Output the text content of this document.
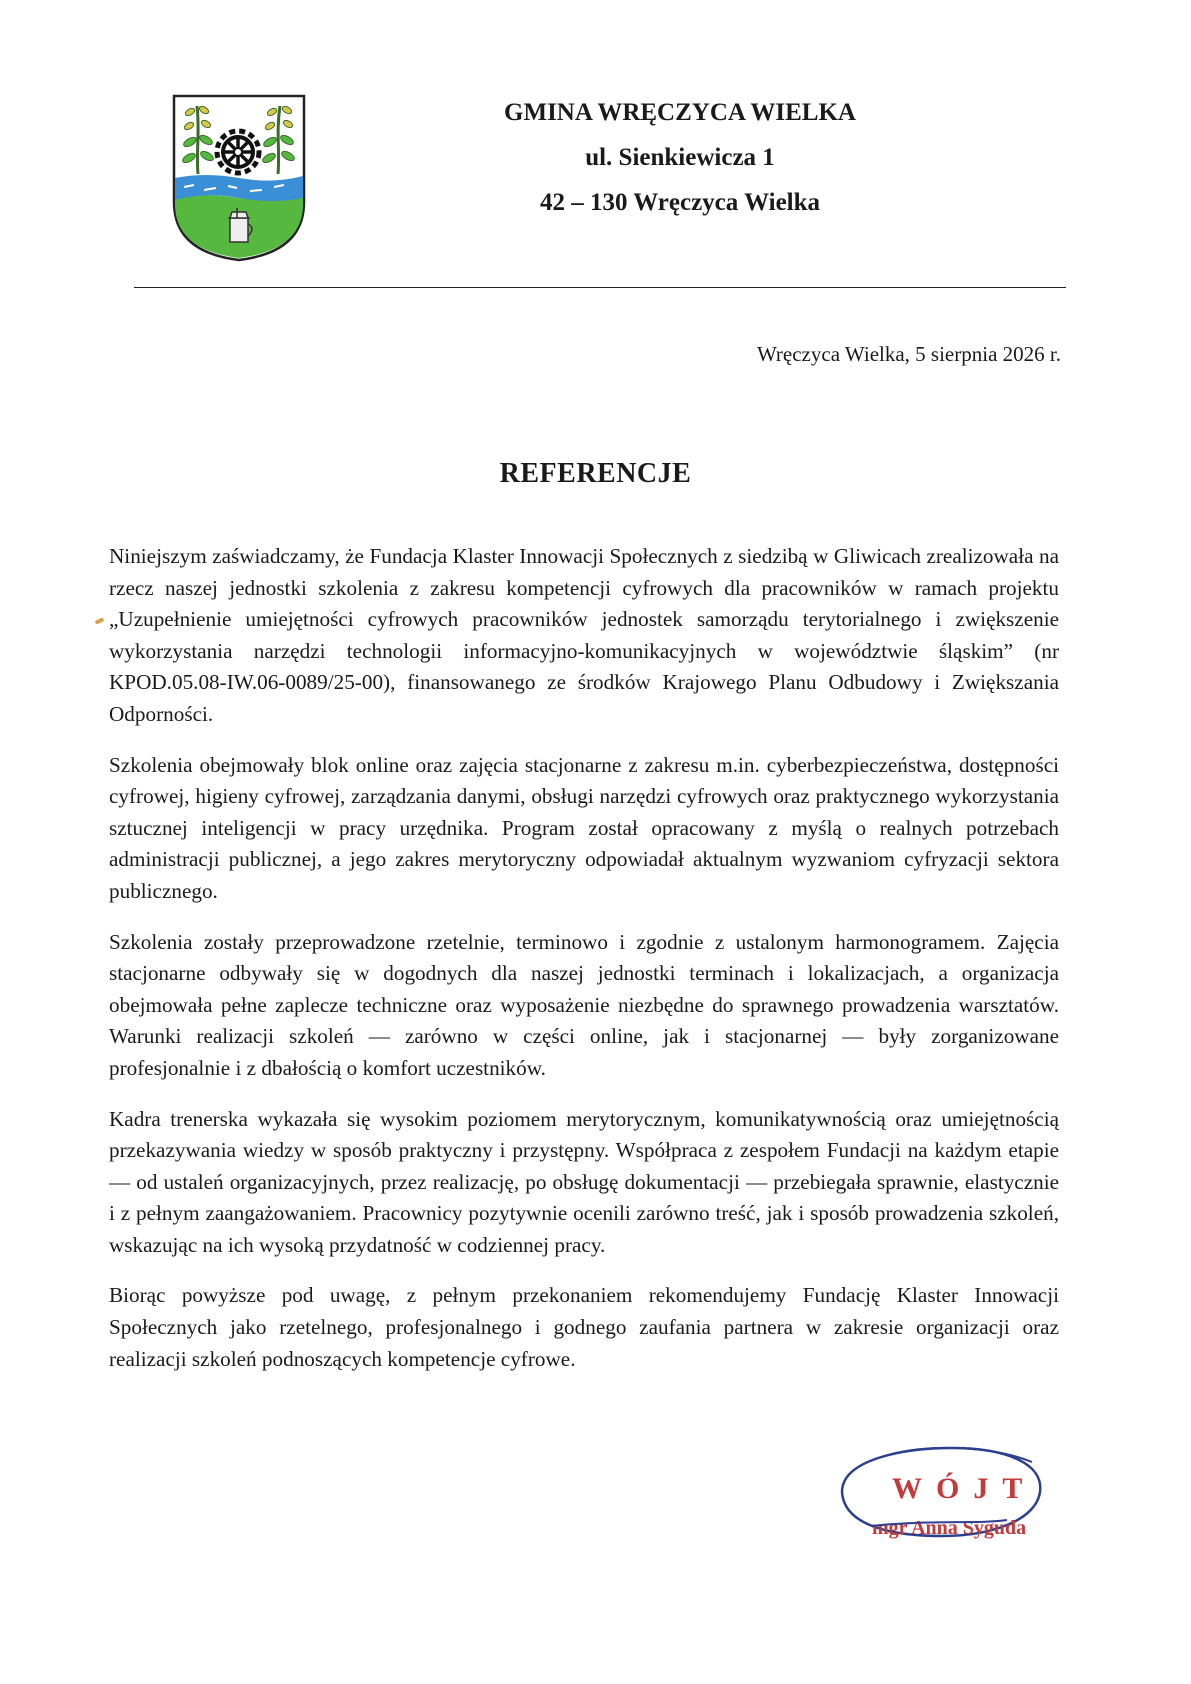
GMINA WRĘCZYCA WIELKA
ul. Sienkiewicza 1
42 – 130 Wręczyca Wielka
Wręczyca Wielka, 5 sierpnia 2026 r.
REFERENCJE

Niniejszym zaświadczamy, że Fundacja Klaster Innowacji Społecznych z siedzibą w Gliwicach zrealizowała na rzecz naszej jednostki szkolenia z zakresu kompetencji cyfrowych dla pracowników w ramach projektu „Uzupełnienie umiejętności cyfrowych pracowników jednostek samorządu terytorialnego i zwiększenie wykorzystania narzędzi technologii informacyjno-komunikacyjnych w województwie śląskim” (nr KPOD.05.08-IW.06-0089/25-00), finansowanego ze środków Krajowego Planu Odbudowy i Zwiększania Odporności.

Szkolenia obejmowały blok online oraz zajęcia stacjonarne z zakresu m.in. cyberbezpieczeństwa, dostępności cyfrowej, higieny cyfrowej, zarządzania danymi, obsługi narzędzi cyfrowych oraz praktycznego wykorzystania sztucznej inteligencji w pracy urzędnika. Program został opracowany z myślą o realnych potrzebach administracji publicznej, a jego zakres merytoryczny odpowiadał aktualnym wyzwaniom cyfryzacji sektora publicznego.

Szkolenia zostały przeprowadzone rzetelnie, terminowo i zgodnie z ustalonym harmonogramem. Zajęcia stacjonarne odbywały się w dogodnych dla naszej jednostki terminach i lokalizacjach, a organizacja obejmowała pełne zaplecze techniczne oraz wyposażenie niezbędne do sprawnego prowadzenia warsztatów. Warunki realizacji szkoleń — zarówno w części online, jak i stacjonarnej — były zorganizowane profesjonalnie i z dbałością o komfort uczestników.

Kadra trenerska wykazała się wysokim poziomem merytorycznym, komunikatywnością oraz umiejętnością przekazywania wiedzy w sposób praktyczny i przystępny. Współpraca z zespołem Fundacji na każdym etapie — od ustaleń organizacyjnych, przez realizację, po obsługę dokumentacji — przebiegała sprawnie, elastycznie i z pełnym zaangażowaniem. Pracownicy pozytywnie ocenili zarówno treść, jak i sposób prowadzenia szkoleń, wskazując na ich wysoką przydatność w codziennej pracy.

Biorąc powyższe pod uwagę, z pełnym przekonaniem rekomendujemy Fundację Klaster Innowacji Społecznych jako rzetelnego, profesjonalnego i godnego zaufania partnera w zakresie organizacji oraz realizacji szkoleń podnoszących kompetencje cyfrowe.

WÓJT
mgr Anna Sygudа
